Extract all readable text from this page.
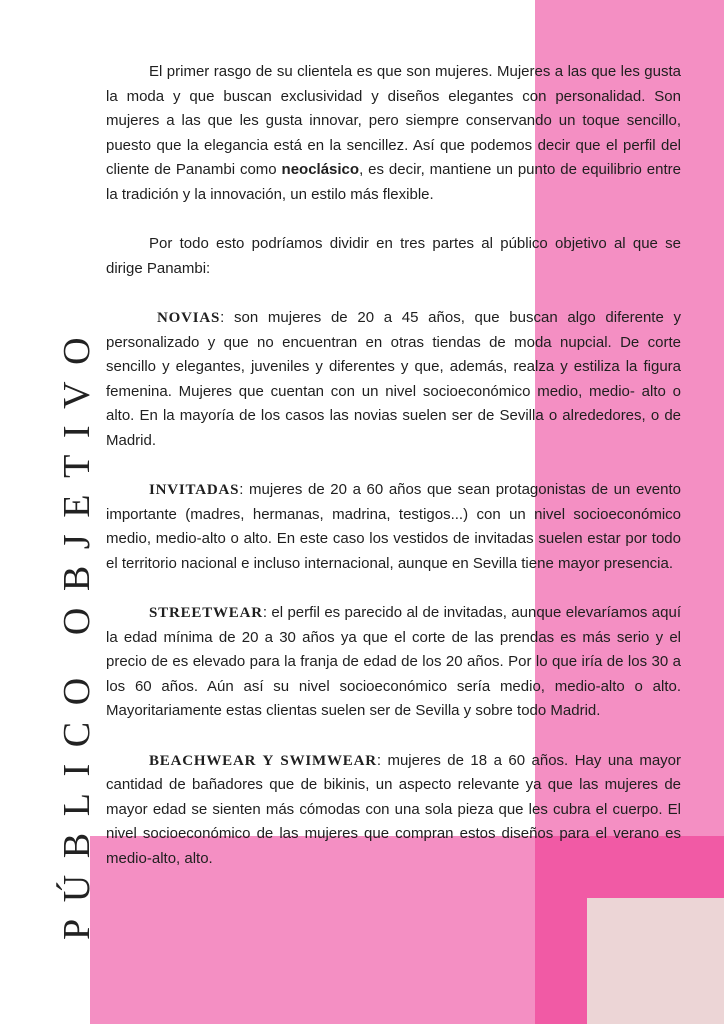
PÚBLICO OBJETIVO

El primer rasgo de su clientela es que son mujeres. Mujeres a las que les gusta la moda y que buscan exclusividad y diseños elegantes con personalidad. Son mujeres a las que les gusta innovar, pero siempre conservando un toque sencillo, puesto que la elegancia está en la sencillez. Así que podemos decir que el perfil del cliente de Panambi como neoclásico, es decir, mantiene un punto de equilibrio entre la tradición y la innovación, un estilo más flexible.

Por todo esto podríamos dividir en tres partes al público objetivo al que se dirige Panambi:

NOVIAS: son mujeres de 20 a 45 años, que buscan algo diferente y personalizado y que no encuentran en otras tiendas de moda nupcial. De corte sencillo y elegantes, juveniles y diferentes y que, además, realza y estiliza la figura femenina. Mujeres que cuentan con un nivel socioeconómico medio, medio- alto o alto. En la mayoría de los casos las novias suelen ser de Sevilla o alrededores, o de Madrid.

INVITADAS: mujeres de 20 a 60 años que sean protagonistas de un evento importante (madres, hermanas, madrina, testigos...) con un nivel socioeconómico medio, medio-alto o alto. En este caso los vestidos de invitadas suelen estar por todo el territorio nacional e incluso internacional, aunque en Sevilla tiene mayor presencia.

STREETWEAR: el perfil es parecido al de invitadas, aunque elevaríamos aquí la edad mínima de 20 a 30 años ya que el corte de las prendas es más serio y el precio de es elevado para la franja de edad de los 20 años. Por lo que iría de los 30 a los 60 años. Aún así su nivel socioeconómico sería medio, medio-alto o alto. Mayoritariamente estas clientas suelen ser de Sevilla y sobre todo Madrid.

BEACHWEAR Y SWIMWEAR: mujeres de 18 a 60 años. Hay una mayor cantidad de bañadores que de bikinis, un aspecto relevante ya que las mujeres de mayor edad se sienten más cómodas con una sola pieza que les cubra el cuerpo. El nivel socioeconómico de las mujeres que compran estos diseños para el verano es medio-alto, alto.
